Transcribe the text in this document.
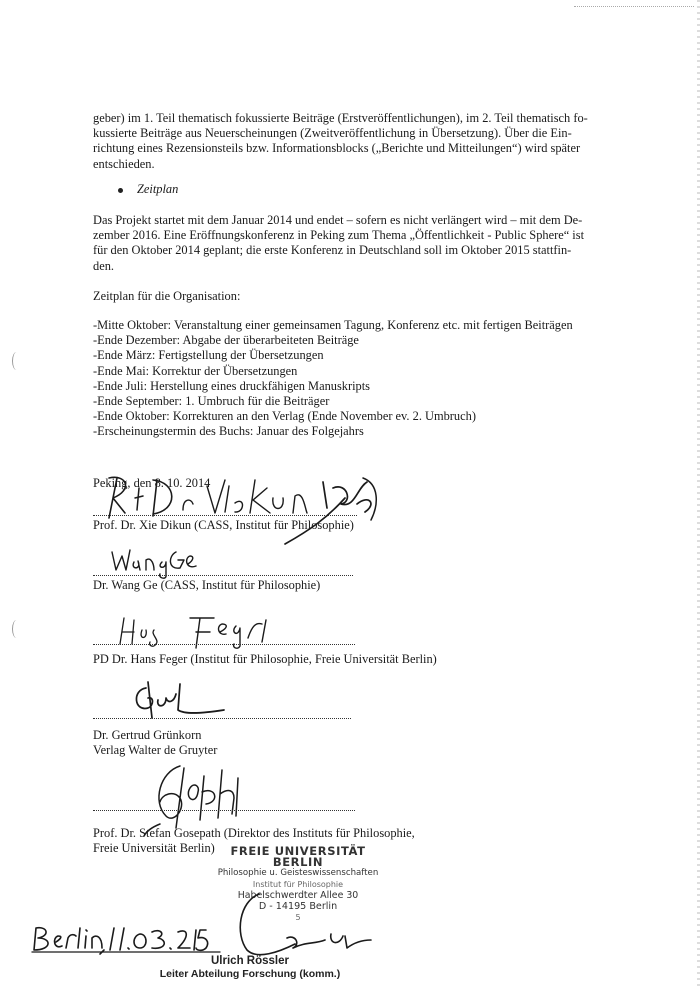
geber) im 1. Teil thematisch fokussierte Beiträge (Erstveröffentlichungen), im 2. Teil thematisch fo-

kussierte Beiträge aus Neuerscheinungen (Zweitveröffentlichung in Übersetzung). Über die Ein-

richtung eines Rezensionsteils bzw. Informationsblocks („Berichte und Mitteilungen“) wird später

entschieden.

Zeitplan

Das Projekt startet mit dem Januar 2014 und endet – sofern es nicht verlängert wird – mit dem De-

zember 2016. Eine Eröffnungskonferenz in Peking zum Thema „Öffentlichkeit - Public Sphere“ ist

für den Oktober 2014 geplant; die erste Konferenz in Deutschland soll im Oktober 2015 stattfin-

den.

Zeitplan für die Organisation:
-Mitte Oktober: Veranstaltung einer gemeinsamen Tagung, Konferenz etc. mit fertigen Beiträgen
-Ende Dezember: Abgabe der überarbeiteten Beiträge
-Ende März: Fertigstellung der Übersetzungen
-Ende Mai: Korrektur der Übersetzungen
-Ende Juli: Herstellung eines druckfähigen Manuskripts
-Ende September: 1. Umbruch für die Beiträger
-Ende Oktober: Korrekturen an den Verlag (Ende November ev. 2. Umbruch)
-Erscheinungstermin des Buchs: Januar des Folgejahrs
Peking, den 8. 10. 2014
Prof. Dr. Xie Dikun (CASS, Institut für Philosophie)
Dr. Wang Ge (CASS, Institut für Philosophie)
PD Dr. Hans Feger (Institut für Philosophie, Freie Universität Berlin)
Dr. Gertrud Grünkorn
Verlag Walter de Gruyter
Prof. Dr. Stefan Gosepath (Direktor des Instituts für Philosophie,
Freie Universität Berlin)	FREIE UNIVERSITÄT BERLIN
Philosophie u. Geisteswissenschaften
Institut für Philosophie
Habelschwerdter Allee 30
D - 14195 Berlin
5
Ulrich Rössler
Leiter Abteilung Forschung (komm.)
